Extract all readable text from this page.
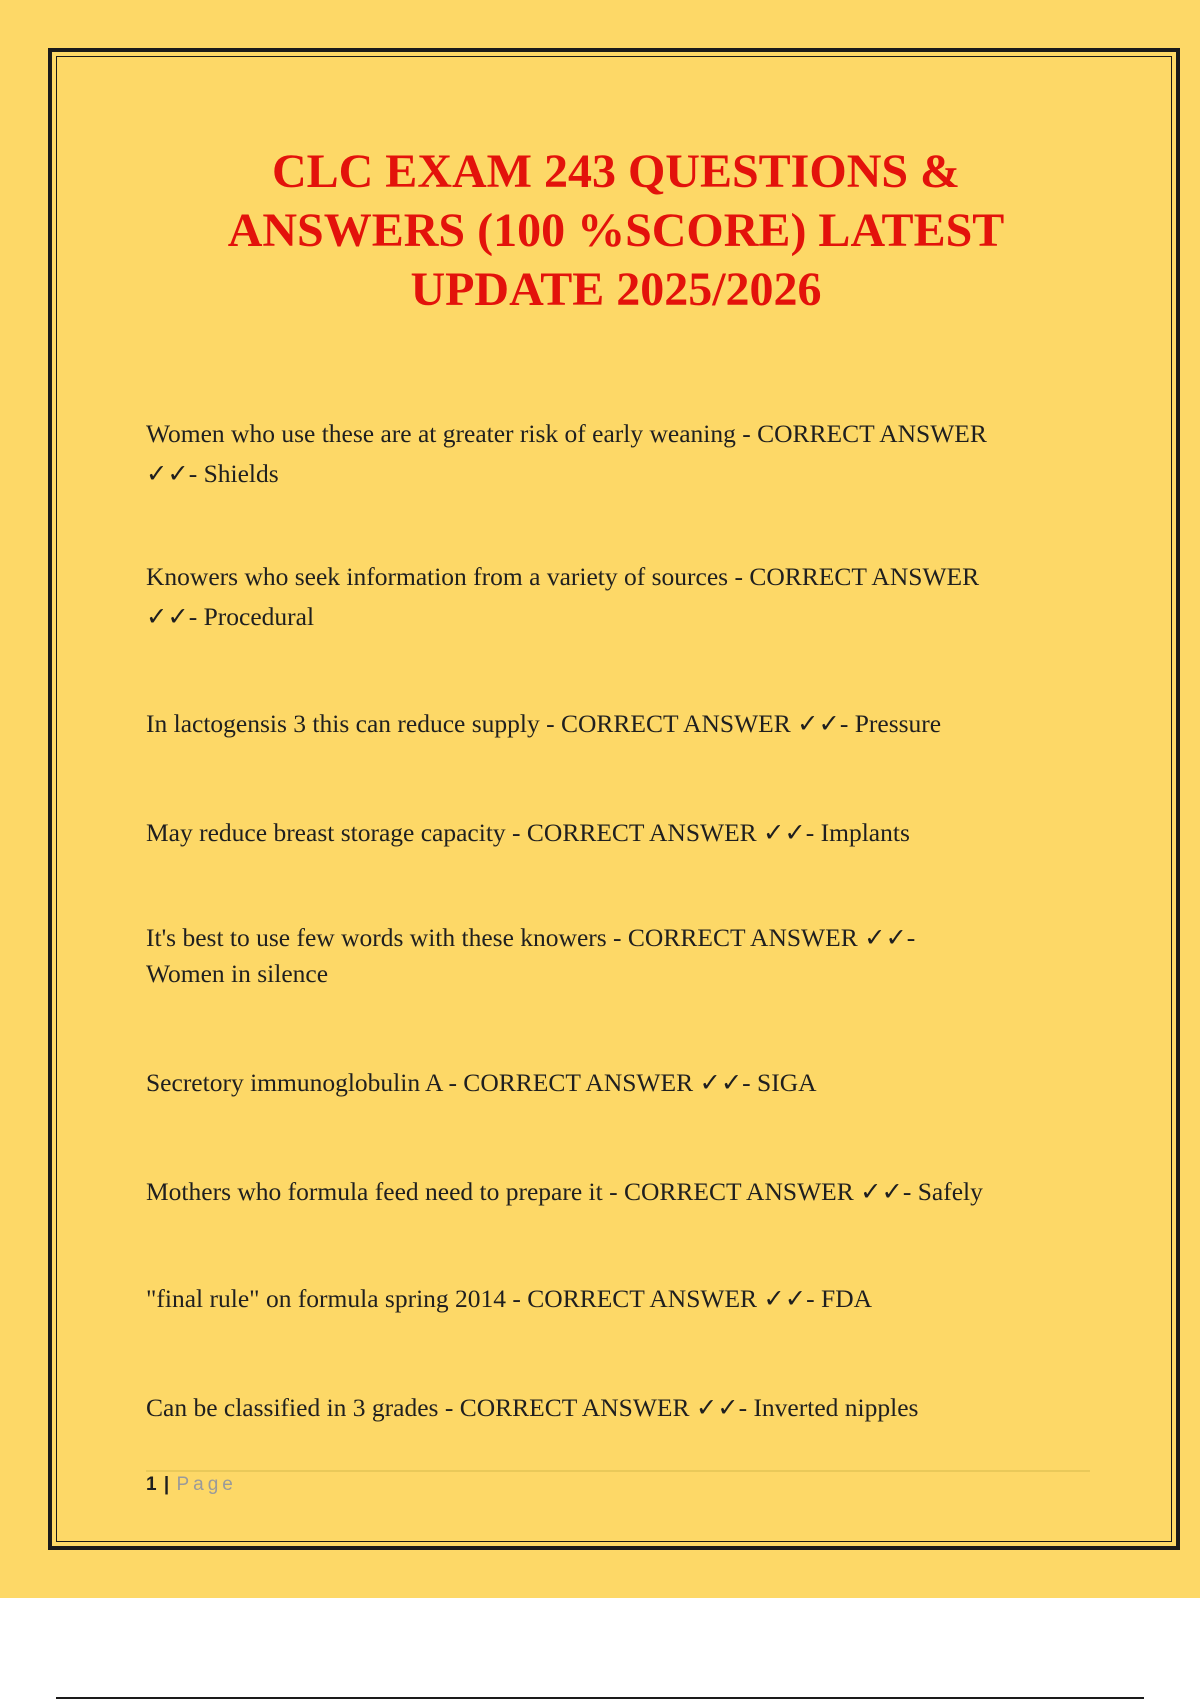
CLC EXAM 243 QUESTIONS &
ANSWERS (100 %SCORE) LATEST
UPDATE 2025/2026

Women who use these are at greater risk of early weaning - CORRECT ANSWER
✓✓- Shields

Knowers who seek information from a variety of sources - CORRECT ANSWER
✓✓- Procedural

In lactogensis 3 this can reduce supply - CORRECT ANSWER ✓✓- Pressure

May reduce breast storage capacity - CORRECT ANSWER ✓✓- Implants

It's best to use few words with these knowers - CORRECT ANSWER ✓✓-
Women in silence

Secretory immunoglobulin A - CORRECT ANSWER ✓✓- SIGA

Mothers who formula feed need to prepare it - CORRECT ANSWER ✓✓- Safely

"final rule" on formula spring 2014 - CORRECT ANSWER ✓✓- FDA

Can be classified in 3 grades - CORRECT ANSWER ✓✓- Inverted nipples

1 | Page
